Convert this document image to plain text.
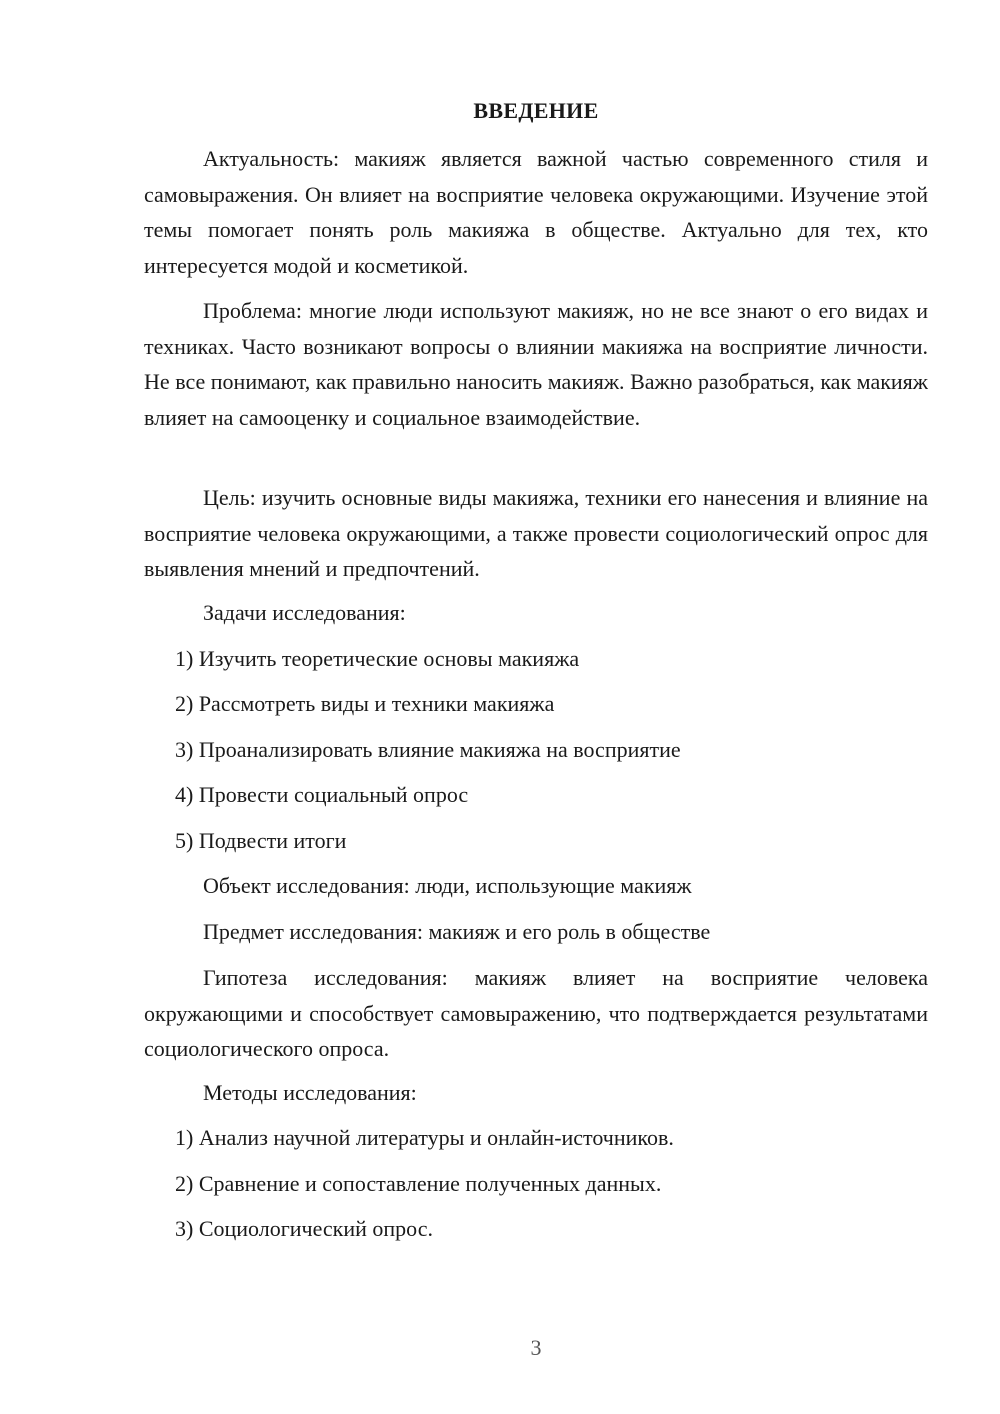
ВВЕДЕНИЕ

Актуальность: макияж является важной частью современного стиля и самовыражения. Он влияет на восприятие человека окружающими. Изучение этой темы помогает понять роль макияжа в обществе. Актуально для тех, кто интересуется модой и косметикой.

Проблема: многие люди используют макияж, но не все знают о его видах и техниках. Часто возникают вопросы о влиянии макияжа на восприятие личности. Не все понимают, как правильно наносить макияж. Важно разобраться, как макияж влияет на самооценку и социальное взаимодействие.

Цель: изучить основные виды макияжа, техники его нанесения и влияние на восприятие человека окружающими, а также провести социологический опрос для выявления мнений и предпочтений.

Задачи исследования:

1) Изучить теоретические основы макияжа

2) Рассмотреть виды и техники макияжа

3) Проанализировать влияние макияжа на восприятие

4) Провести социальный опрос

5) Подвести итоги

Объект исследования: люди, использующие макияж

Предмет исследования: макияж и его роль в обществе

Гипотеза исследования: макияж влияет на восприятие человека окружающими и способствует самовыражению, что подтверждается результатами социологического опроса.

Методы исследования:

1) Анализ научной литературы и онлайн-источников.

2) Сравнение и сопоставление полученных данных.

3) Социологический опрос.

3
